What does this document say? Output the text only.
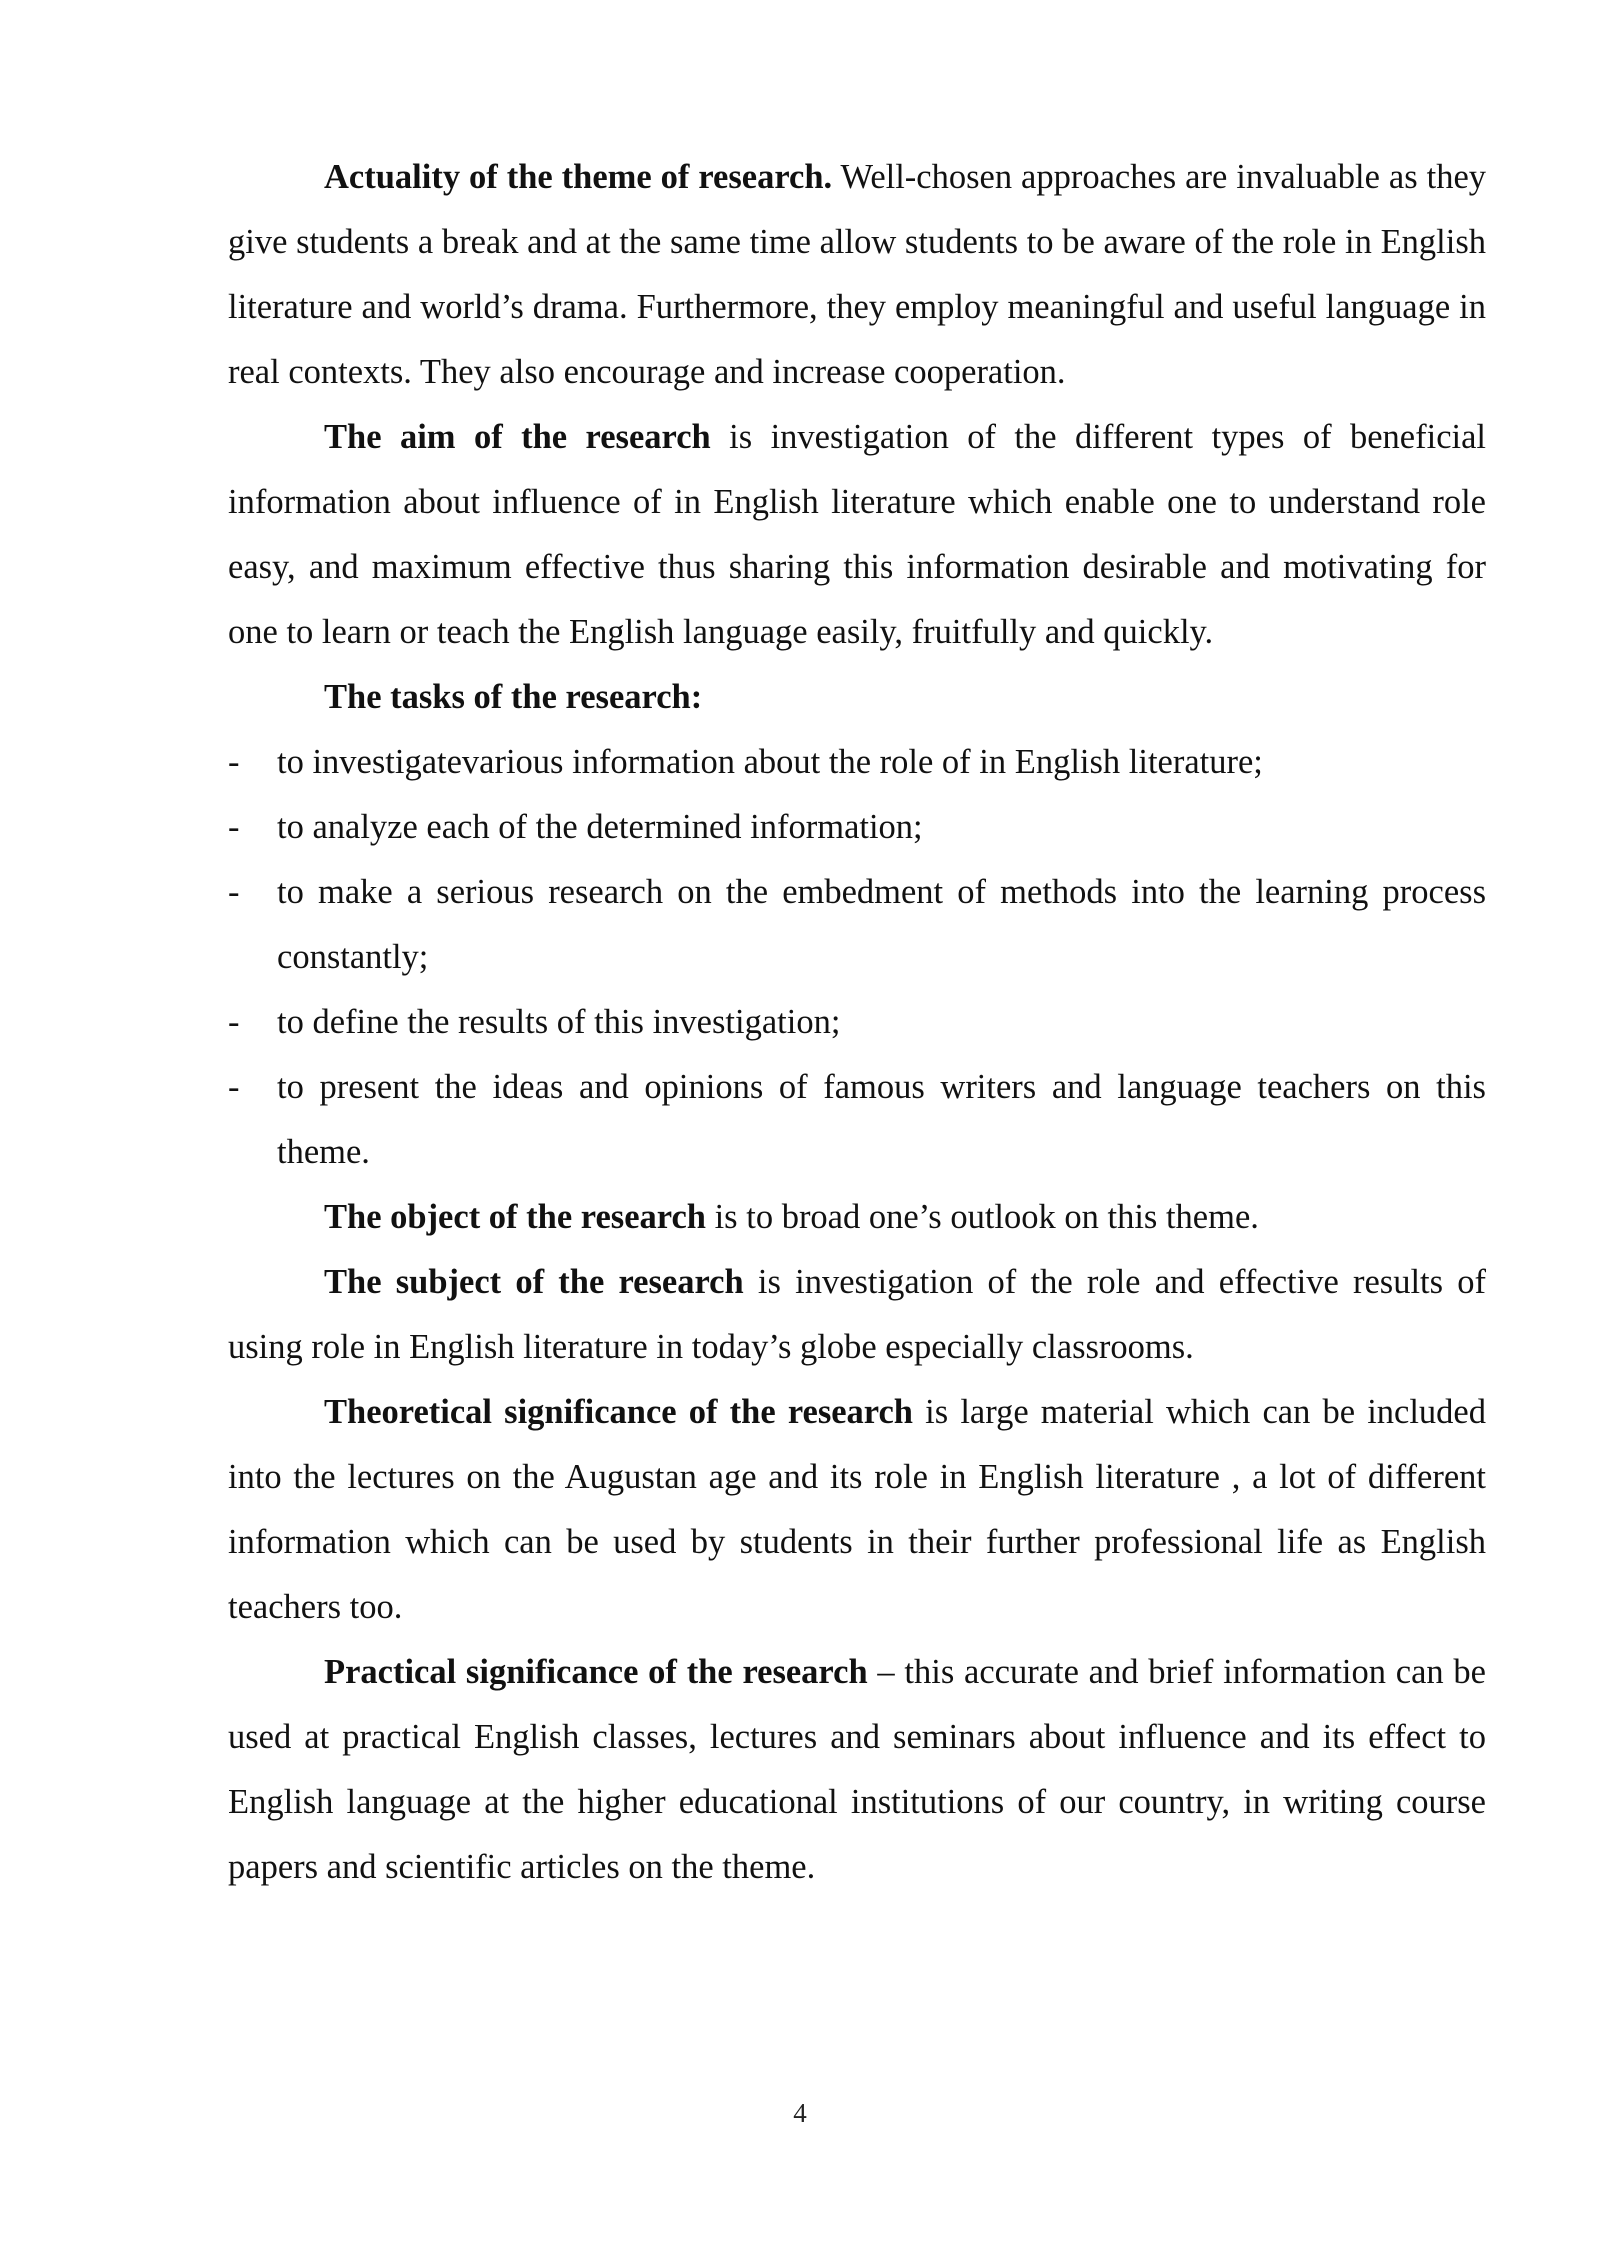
Actuality of the theme of research. Well-chosen approaches are invaluable as they give students a break and at the same time allow students to be aware of the role in English literature and world’s drama. Furthermore, they employ meaningful and useful language in real contexts. They also encourage and increase cooperation.

The aim of the research is investigation of the different types of beneficial information about influence of in English literature which enable one to understand role easy, and maximum effective thus sharing this information desirable and motivating for one to learn or teach the English language easily, fruitfully and quickly.

The tasks of the research:

- to investigatevarious information about the role of in English literature;
- to analyze each of the determined information;
- to make a serious research on the embedment of methods into the learning process constantly;
- to define the results of this investigation;
- to present the ideas and opinions of famous writers and language teachers on this theme.

The object of the research is to broad one’s outlook on this theme.

The subject of the research is investigation of the role and effective results of using role in English literature in today’s globe especially classrooms.

Theoretical significance of the research is large material which can be included into the lectures on the Augustan age and its role in English literature , a lot of different information which can be used by students in their further professional life as English teachers too.

Practical significance of the research – this accurate and brief information can be used at practical English classes, lectures and seminars about influence and its effect to English language at the higher educational institutions of our country, in writing course papers and scientific articles on the theme.

4
